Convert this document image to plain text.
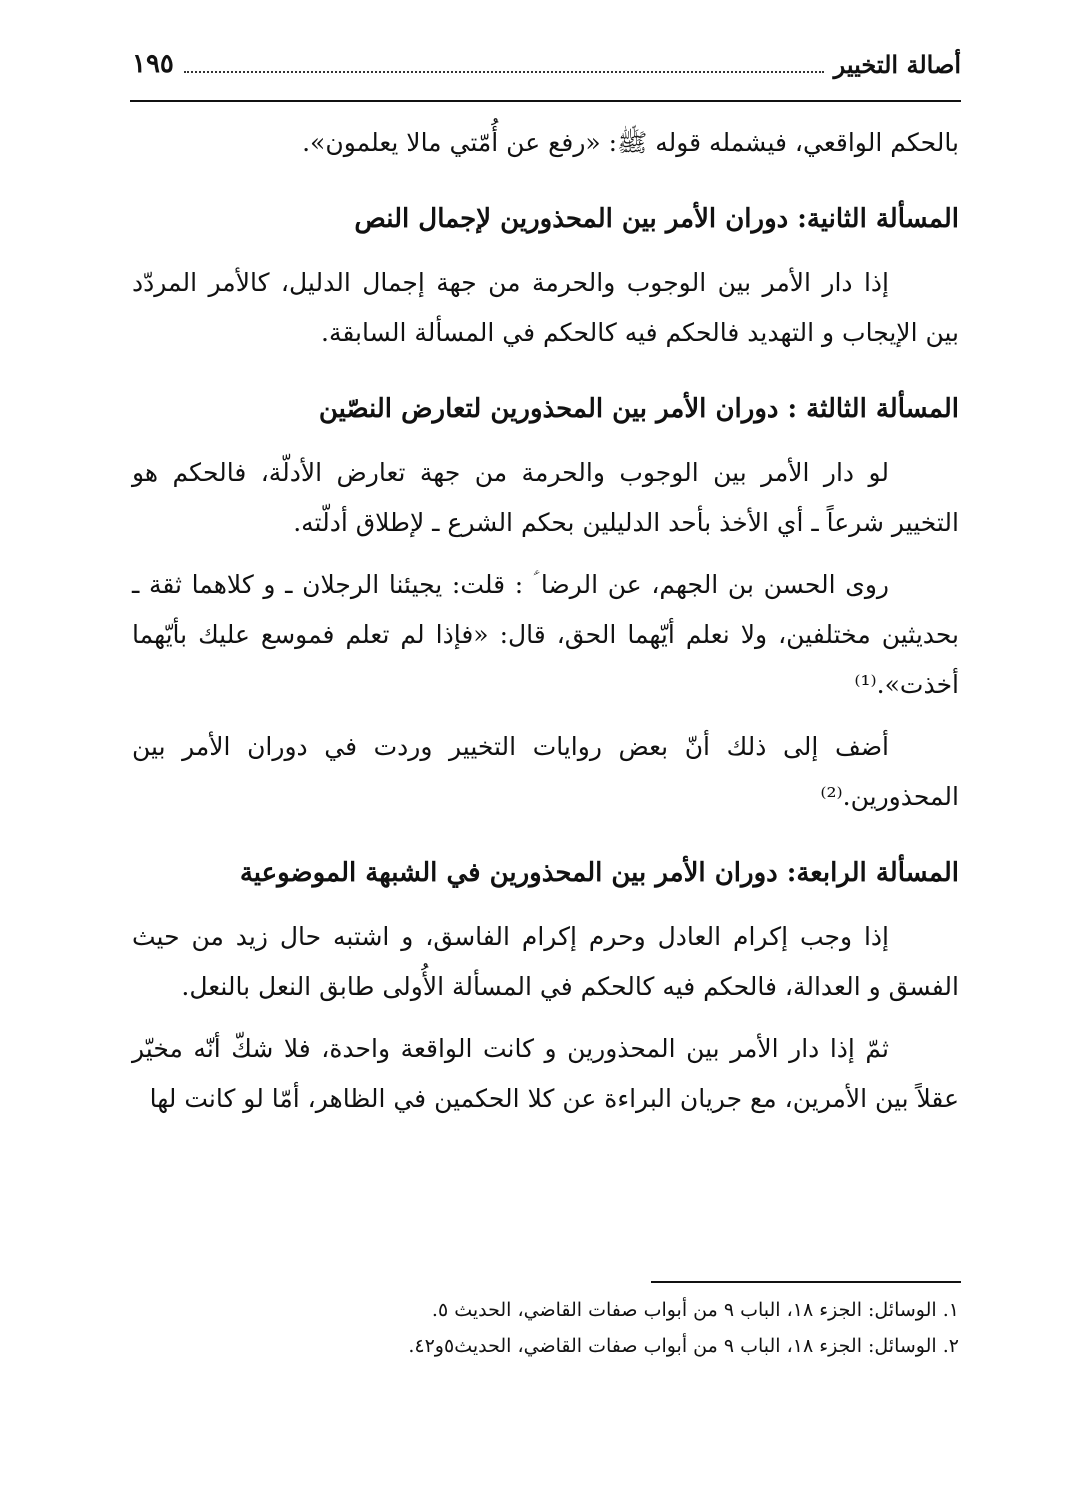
أصالة التخيير
١٩٥

بالحكم الواقعي، فيشمله قوله ﷺ: «رفع عن أُمّتي مالا يعلمون».

المسألة الثانية: دوران الأمر بين المحذورين لإجمال النص

إذا دار الأمر بين الوجوب والحرمة من جهة إجمال الدليل، كالأمر المردّد بين الإيجاب و التهديد فالحكم فيه كالحكم في المسألة السابقة.

المسألة الثالثة : دوران الأمر بين المحذورين لتعارض النصّين

لو دار الأمر بين الوجوب والحرمة من جهة تعارض الأدلّة، فالحكم هو التخيير شرعاً ـ أي الأخذ بأحد الدليلين بحكم الشرع ـ لإطلاق أدلّته.

روى الحسن بن الجهم، عن الرضا ؑ : قلت: يجيئنا الرجلان ـ و كلاهما ثقة ـ بحديثين مختلفين، ولا نعلم أيّهما الحق، قال: «فإذا لم تعلم فموسع عليك بأيّهما أخذت».⁽¹⁾

أضف إلى ذلك أنّ بعض روايات التخيير وردت في دوران الأمر بين المحذورين.⁽²⁾

المسألة الرابعة: دوران الأمر بين المحذورين في الشبهة الموضوعية

إذا وجب إكرام العادل وحرم إكرام الفاسق، و اشتبه حال زيد من حيث الفسق و العدالة، فالحكم فيه كالحكم في المسألة الأُولى طابق النعل بالنعل.

ثمّ إذا دار الأمر بين المحذورين و كانت الواقعة واحدة، فلا شكّ أنّه مخيّر عقلاً بين الأمرين، مع جريان البراءة عن كلا الحكمين في الظاهر، أمّا لو كانت لها

١. الوسائل: الجزء ١٨، الباب ٩ من أبواب صفات القاضي، الحديث ٥.
٢. الوسائل: الجزء ١٨، الباب ٩ من أبواب صفات القاضي، الحديث٥و٤٢.
